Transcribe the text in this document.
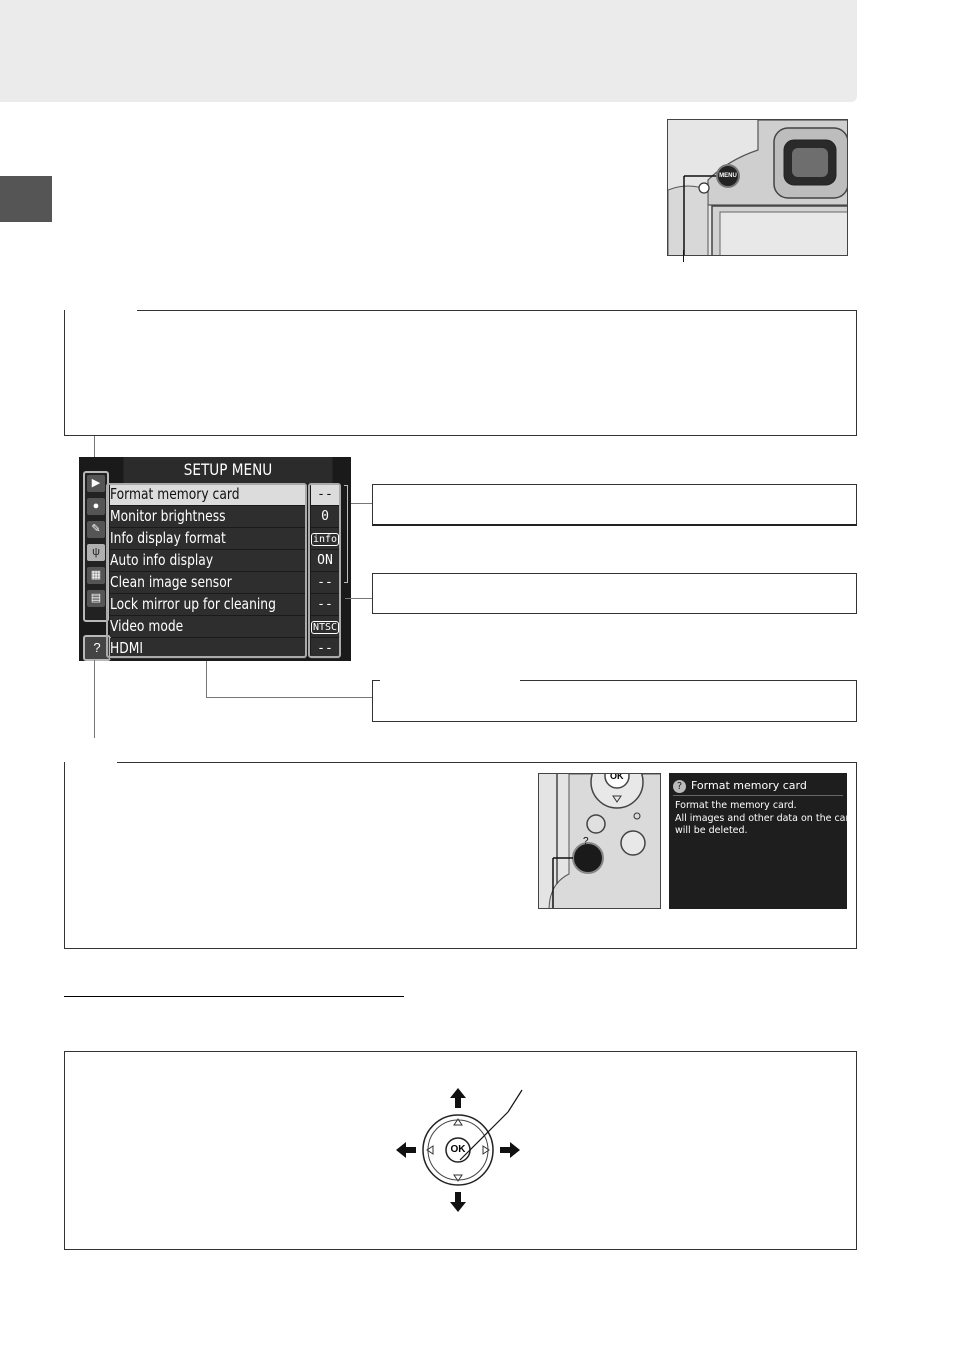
MENU
▶
●
✎
ψ
▦
▤
?
SETUP MENU
Format memory card	--
Monitor brightness	0
Info display format	info
Auto info display	ON
Clean image sensor	--
Lock mirror up for cleaning	--
Video mode	NTSC
HDMI	--
?
OK
? Format memory card
Format the memory card.
All images and other data on the card
will be deleted.
OK
